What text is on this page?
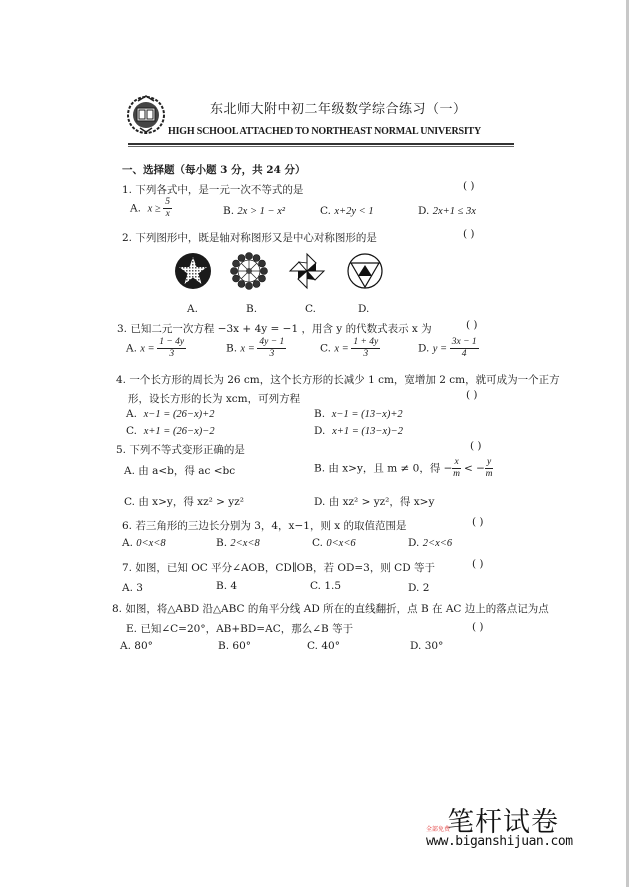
东北师大附中初二年级数学综合练习（一）
HIGH SCHOOL ATTACHED TO NORTHEAST NORMAL UNIVERSITY
一、选择题（每小题 3 分，共 24 分）
1. 下列各式中，是一元一次不等式的是	( )
A. $x \ge \frac{5}{x}$	B. 2x > 1 − x²	C. x+2y < 1	D. 2x+1 ≤ 3x
2. 下列图形中，既是轴对称图形又是中心对称图形的是	( )
A.	B.	C.	D.
3. 已知二元一次方程 −3x + 4y = −1 ，用含 y 的代数式表示 x 为	( )
A. $x = \frac{1 - 4y}{3}$	B. $x = \frac{4y - 1}{3}$	C. $x = \frac{1 + 4y}{3}$	D. $y = \frac{3x - 1}{4}$
4. 一个长方形的周长为 26 cm，这个长方形的长减少 1 cm，宽增加 2 cm，就可成为一个正方
形，设长方形的长为 xcm，可列方程	( )
A. x−1 = (26−x)+2	B. x−1 = (13−x)+2
C. x+1 = (26−x)−2	D. x+1 = (13−x)−2
5. 下列不等式变形正确的是	( )
A. 由 a<b，得 ac <bc	B. 由 x>y，且 m ≠ 0，得 − $\frac{x}{m}$ < − $\frac{y}{m}$
C. 由 x>y，得 xz² > yz²	D. 由 xz² > yz²，得 x>y
6. 若三角形的三边长分别为 3，4，x−1，则 x 的取值范围是	( )
A. 0<x<8	B. 2<x<8	C. 0<x<6	D. 2<x<6
7. 如图，已知 OC 平分∠AOB，CD∥OB，若 OD=3，则 CD 等于	( )
A. 3	B. 4	C. 1.5	D. 2
8. 如图，将△ABD 沿△ABC 的角平分线 AD 所在的直线翻折，点 B 在 AC 边上的落点记为点
E. 已知∠C=20°，AB+BD=AC，那么∠B 等于	( )
A. 80°	B. 60°	C. 40°	D. 30°
笔杆试卷
全部免费
www.biganshijuan.com
